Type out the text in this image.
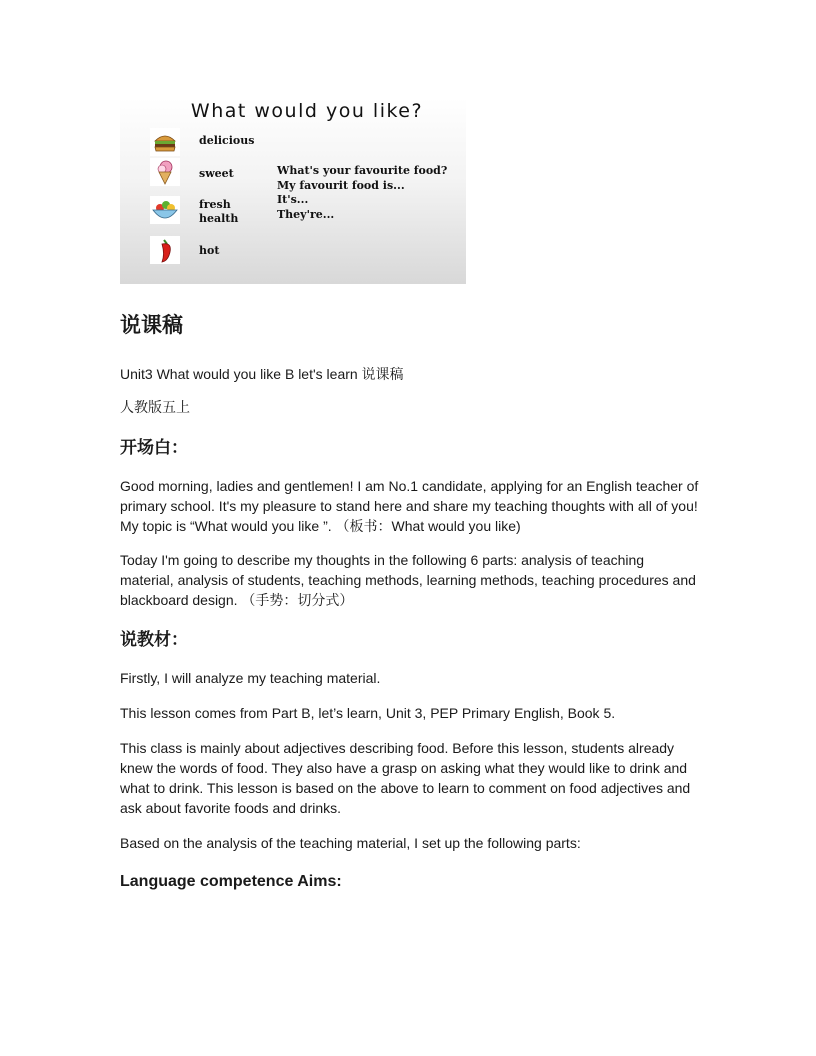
What would you like?
delicious
sweet
fresh
health
hot
What's your favourite food?
My favourit food is...
It's...
They're...
说课稿

Unit3 What would you like B let's learn 说课稿

人教版五上

开场白：

Good morning, ladies and gentlemen! I am No.1 candidate, applying for an English teacher of primary school. It's my pleasure to stand here and share my teaching thoughts with all of you! My topic is “What would you like ”. （板书：What would you like)

Today I'm going to describe my thoughts in the following 6 parts: analysis of teaching material, analysis of students, teaching methods, learning methods, teaching procedures and blackboard design. （手势：切分式）

说教材：

Firstly, I will analyze my teaching material.

This lesson comes from Part B, let’s learn, Unit 3, PEP Primary English, Book 5.

This class is mainly about adjectives describing food. Before this lesson, students already knew the words of food. They also have a grasp on asking what they would like to drink and what to drink. This lesson is based on the above to learn to comment on food adjectives and ask about favorite foods and drinks.

Based on the analysis of the teaching material, I set up the following parts:

Language competence Aims:
